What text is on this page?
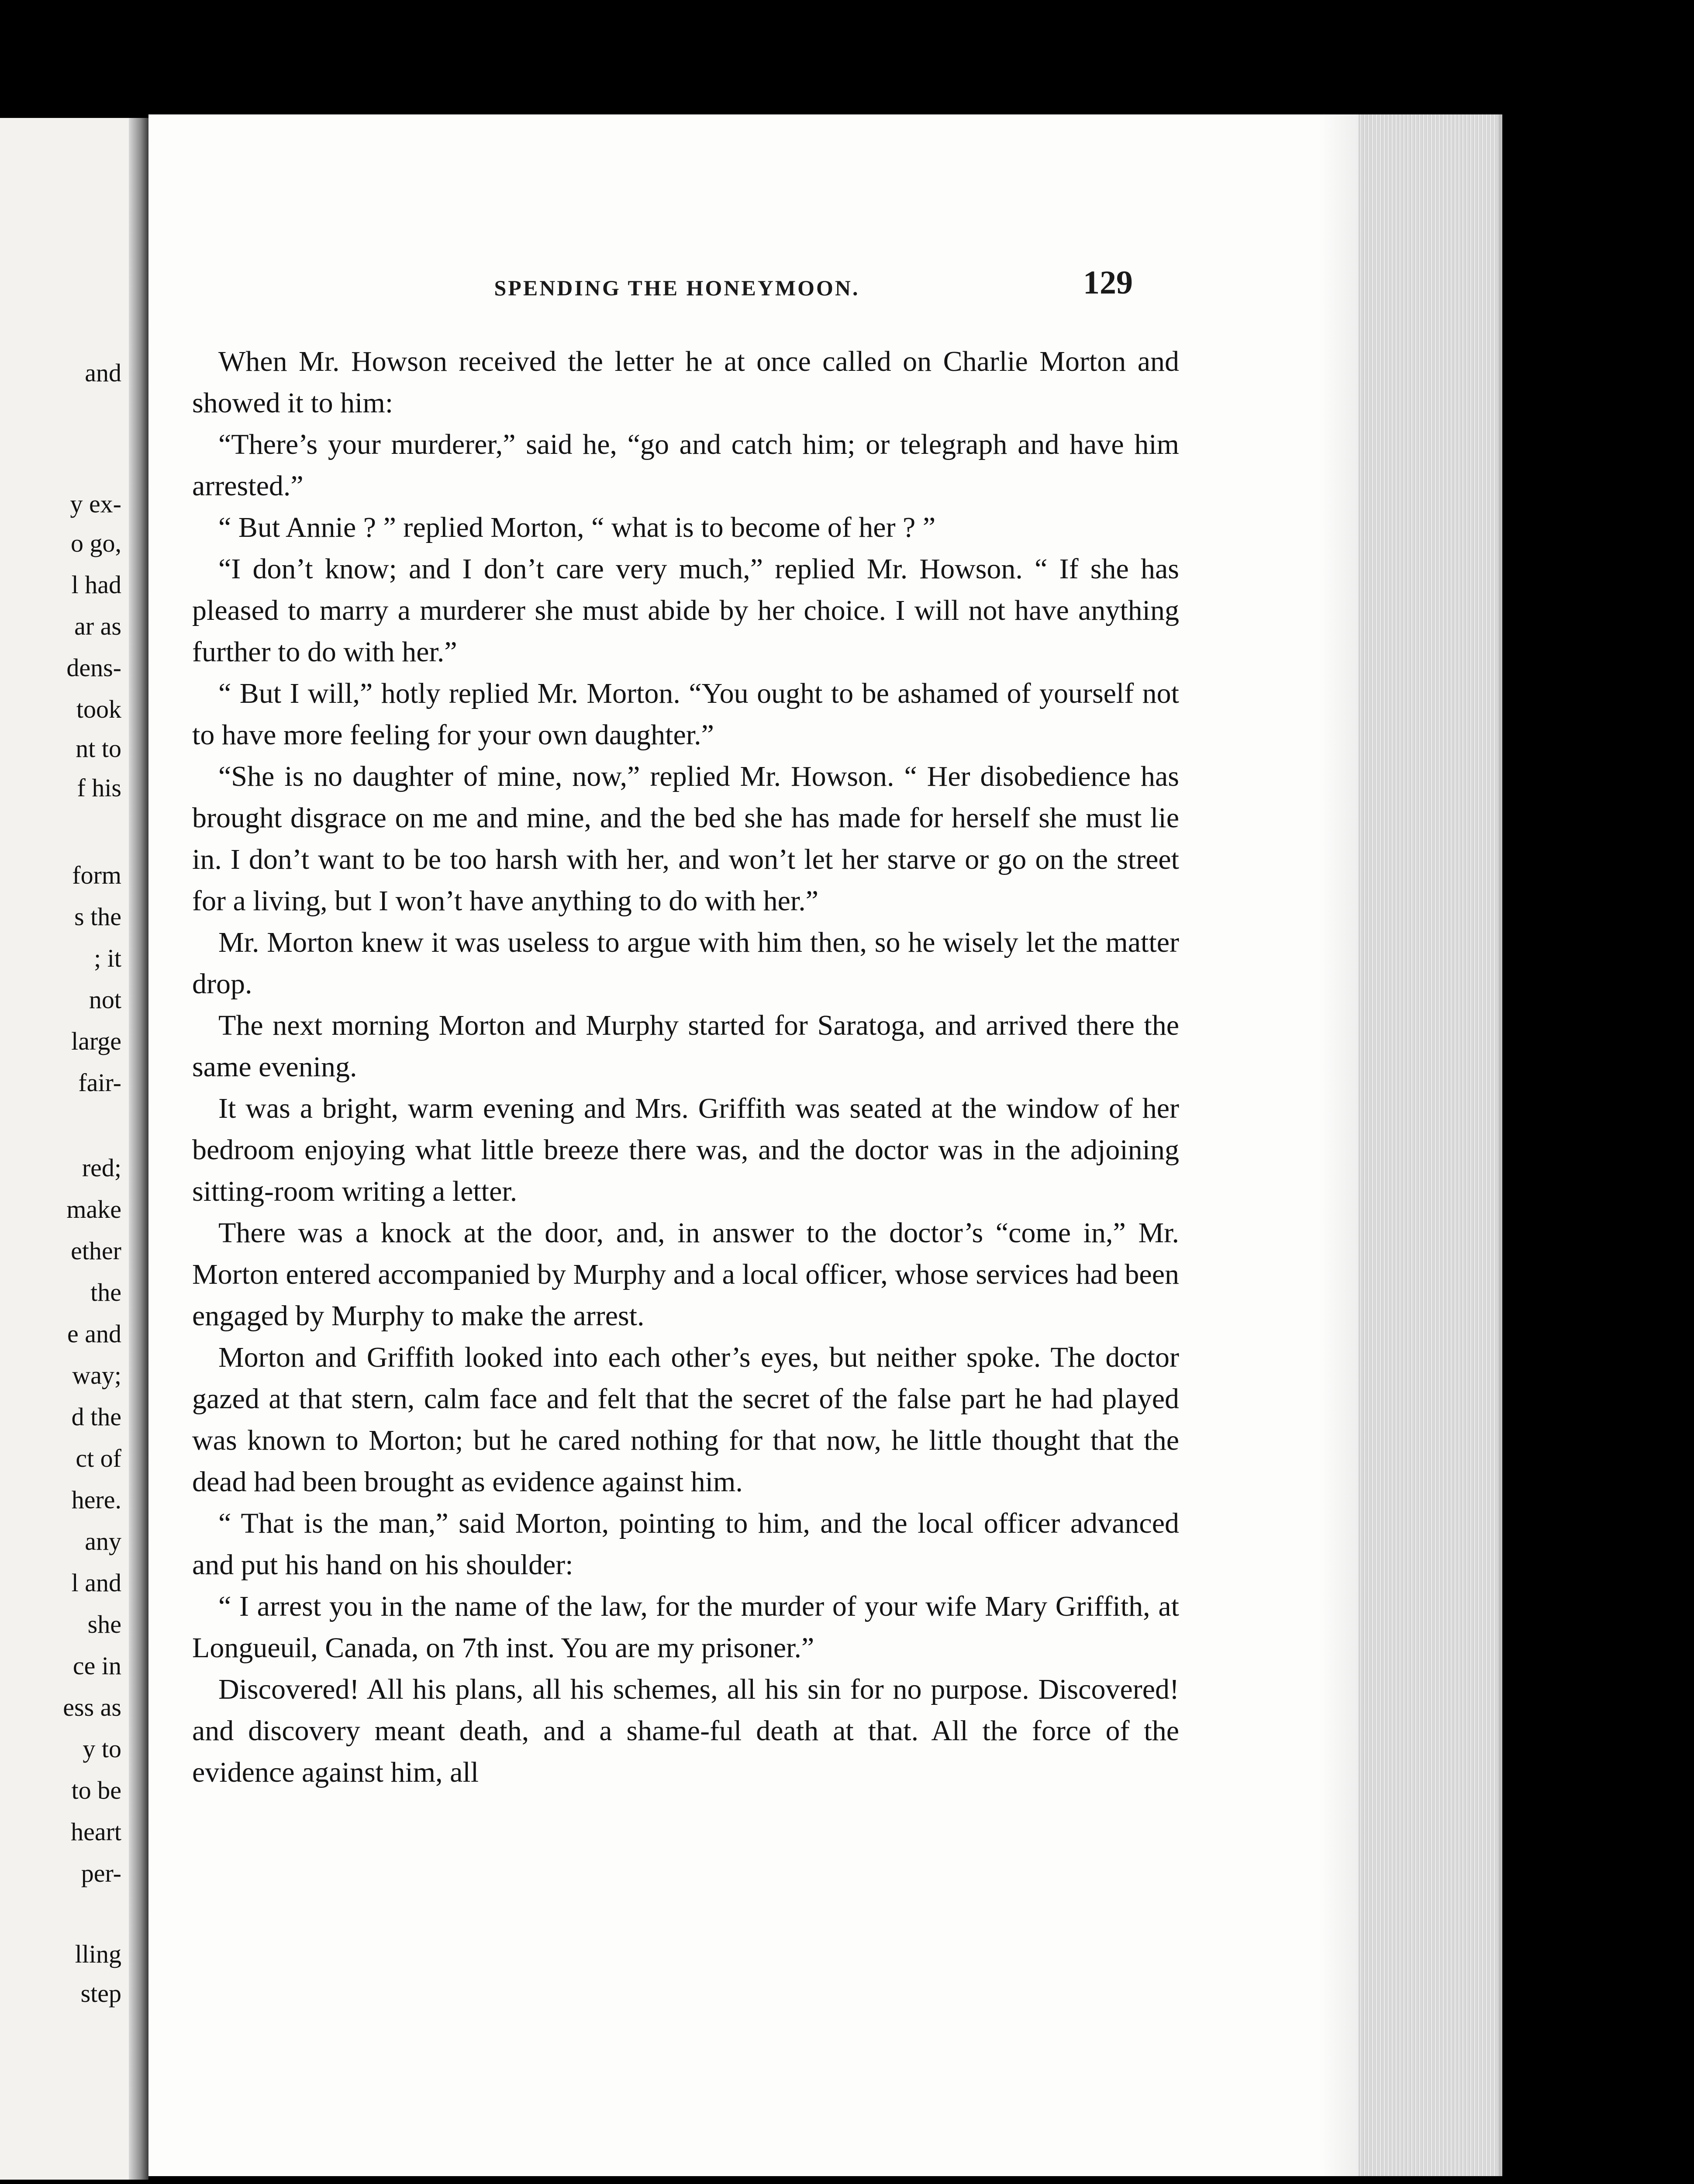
and
y ex-
o go,
l had
ar as
dens-
took
nt to
f his
form
s the
; it
not
large
fair-
red;
make
ether
the
e and
way;
d the
ct of
here.
any
l and
she
ce in
ess as
y to
to be
heart
per-
lling
step
SPENDING THE HONEYMOON.	129

When Mr. Howson received the letter he at once called on Charlie Morton and showed it to him:

“There’s your murderer,” said he, “go and catch him; or telegraph and have him arrested.”

“ But Annie ? ” replied Morton, “ what is to become of her ? ”

“I don’t know; and I don’t care very much,” replied Mr. Howson. “ If she has pleased to marry a murderer she must abide by her choice. I will not have anything further to do with her.”

“ But I will,” hotly replied Mr. Morton. “You ought to be ashamed of yourself not to have more feeling for your own daughter.”

“She is no daughter of mine, now,” replied Mr. Howson. “ Her disobedience has brought disgrace on me and mine, and the bed she has made for herself she must lie in. I don’t want to be too harsh with her, and won’t let her starve or go on the street for a living, but I won’t have anything to do with her.”

Mr. Morton knew it was useless to argue with him then, so he wisely let the matter drop.

The next morning Morton and Murphy started for Saratoga, and arrived there the same evening.

It was a bright, warm evening and Mrs. Griffith was seated at the window of her bedroom enjoying what little breeze there was, and the doctor was in the adjoining sitting-room writing a letter.

There was a knock at the door, and, in answer to the doctor’s “come in,” Mr. Morton entered accompanied by Murphy and a local officer, whose services had been engaged by Murphy to make the arrest.

Morton and Griffith looked into each other’s eyes, but neither spoke. The doctor gazed at that stern, calm face and felt that the secret of the false part he had played was known to Morton; but he cared nothing for that now, he little thought that the dead had been brought as evidence against him.

“ That is the man,” said Morton, pointing to him, and the local officer advanced and put his hand on his shoulder:

“ I arrest you in the name of the law, for the murder of your wife Mary Griffith, at Longueuil, Canada, on 7th inst. You are my prisoner.”

Discovered! All his plans, all his schemes, all his sin for no purpose. Discovered! and discovery meant death, and a shame-ful death at that. All the force of the evidence against him, all
